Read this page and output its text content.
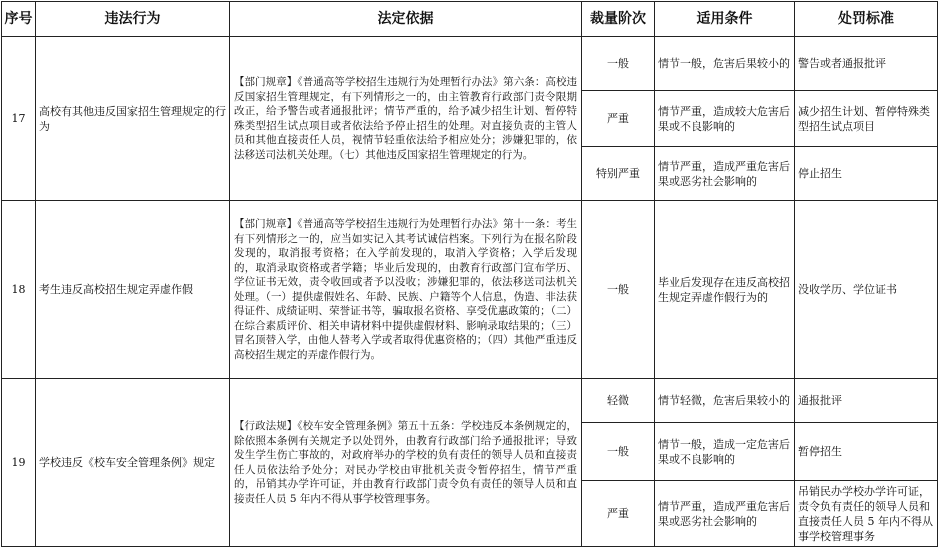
序号	违法行为	法定依据	裁量阶次	适用条件	处罚标准
17	高校有其他违反国家招生管理规定的行为	【部门规章】《普通高等学校招生违规行为处理暂行办法》第六条：高校违反国家招生管理规定，有下列情形之一的，由主管教育行政部门责令限期改正，给予警告或者通报批评；情节严重的，给予减少招生计划、暂停特殊类型招生试点项目或者依法给予停止招生的处理。对直接负责的主管人员和其他直接责任人员，视情节轻重依法给予相应处分；涉嫌犯罪的，依法移送司法机关处理。（七）其他违反国家招生管理规定的行为。	一般	情节一般，危害后果较小的	警告或者通报批评
			严重	情节严重，造成较大危害后果或不良影响的	减少招生计划、暂停特殊类型招生试点项目
			特别严重	情节严重，造成严重危害后果或恶劣社会影响的	停止招生
18	考生违反高校招生规定弄虚作假	【部门规章】《普通高等学校招生违规行为处理暂行办法》第十一条：考生有下列情形之一的，应当如实记入其考试诚信档案。下列行为在报名阶段发现的，取消报考资格；在入学前发现的，取消入学资格；入学后发现的，取消录取资格或者学籍；毕业后发现的，由教育行政部门宣布学历、学位证书无效，责令收回或者予以没收；涉嫌犯罪的，依法移送司法机关处理。（一）提供虚假姓名、年龄、民族、户籍等个人信息，伪造、非法获得证件、成绩证明、荣誉证书等，骗取报名资格、享受优惠政策的；（二）在综合素质评价、相关申请材料中提供虚假材料、影响录取结果的；（三）冒名顶替入学，由他人替考入学或者取得优惠资格的；（四）其他严重违反高校招生规定的弄虚作假行为。	一般	毕业后发现存在违反高校招生规定弄虚作假行为的	没收学历、学位证书
19	学校违反《校车安全管理条例》规定	【行政法规】《校车安全管理条例》第五十五条：学校违反本条例规定的，除依照本条例有关规定予以处罚外，由教育行政部门给予通报批评；导致发生学生伤亡事故的，对政府举办的学校的负有责任的领导人员和直接责任人员依法给予处分；对民办学校由审批机关责令暂停招生，情节严重的，吊销其办学许可证，并由教育行政部门责令负有责任的领导人员和直接责任人员 5 年内不得从事学校管理事务。	轻微	情节轻微，危害后果较小的	通报批评
			一般	情节一般，造成一定危害后果或不良影响的	暂停招生
			严重	情节严重，造成严重危害后果或恶劣社会影响的	吊销民办学校办学许可证，责令负有责任的领导人员和直接责任人员 5 年内不得从事学校管理事务
